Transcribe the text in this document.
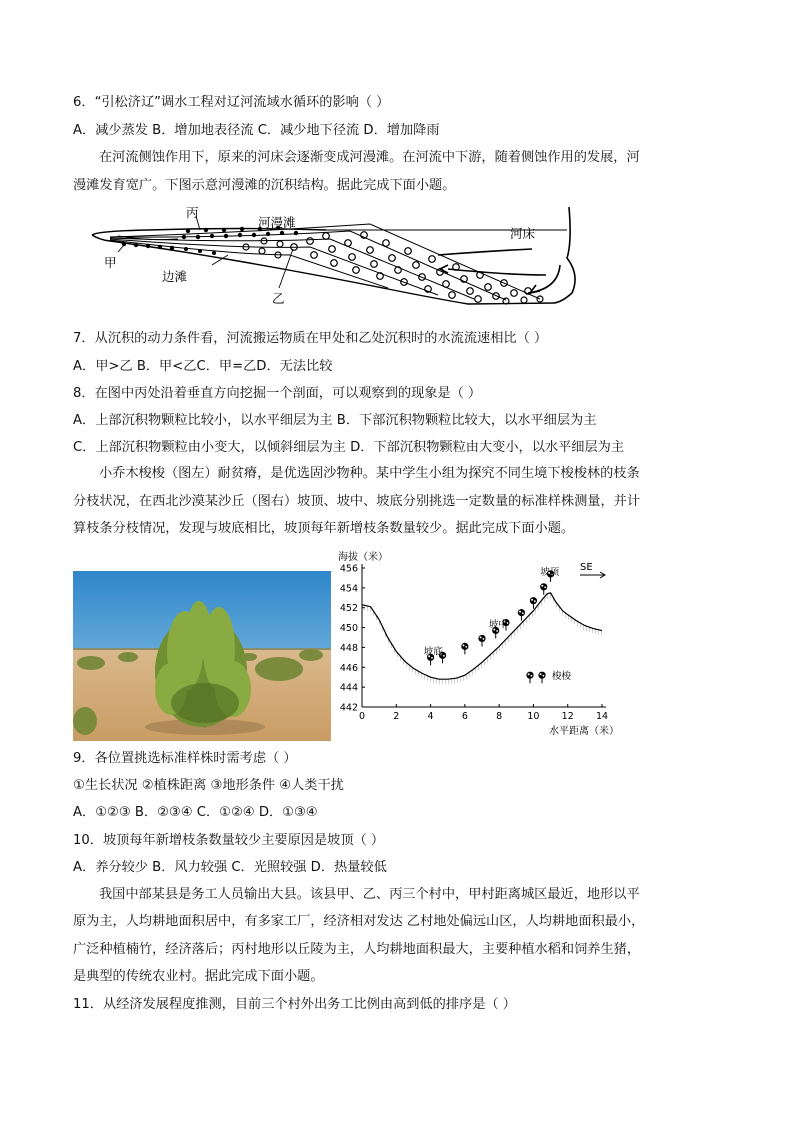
6．“引松济辽”调水工程对辽河流域水循环的影响（ ）
A．减少蒸发 B．增加地表径流 C．减少地下径流 D．增加降雨
在河流侧蚀作用下，原来的河床会逐渐变成河漫滩。在河流中下游，随着侧蚀作用的发展，河
漫滩发育宽广。下图示意河漫滩的沉积结构。据此完成下面小题。
丙
河漫滩
河床
甲
边滩
乙
7．从沉积的动力条件看，河流搬运物质在甲处和乙处沉积时的水流流速相比（ ）
A．甲>乙 B．甲<乙C．甲=乙D．无法比较
8．在图中丙处沿着垂直方向挖掘一个剖面，可以观察到的现象是（ ）
A．上部沉积物颗粒比较小，以水平细层为主 B．下部沉积物颗粒比较大，以水平细层为主
C．上部沉积物颗粒由小变大，以倾斜细层为主 D．下部沉积物颗粒由大变小，以水平细层为主
小乔木梭梭（图左）耐贫瘠，是优选固沙物种。某中学生小组为探究不同生境下梭梭林的枝条
分枝状况，在西北沙漠某沙丘（图右）坡顶、坡中、坡底分别挑选一定数量的标准样株测量，并计
算枝条分枝情况，发现与坡底相比，坡顶每年新增枝条数量较少。据此完成下面小题。
442
444
446
448
450
452
454
456
0	2	4	6	8	10 12 14
海拔（米）
水平距离（米）
SE
坡顶
坡中
坡底
梭梭
9．各位置挑选标准样株时需考虑（ ）
①生长状况 ②植株距离 ③地形条件 ④人类干扰
A．①②③ B．②③④ C．①②④ D．①③④
10．坡顶每年新增枝条数量较少主要原因是坡顶（ ）
A．养分较少 B．风力较强 C．光照较强 D．热量较低
我国中部某县是务工人员输出大县。该县甲、乙、丙三个村中，甲村距离城区最近，地形以平
原为主，人均耕地面积居中，有多家工厂，经济相对发达 乙村地处偏远山区，人均耕地面积最小，
广泛种植楠竹，经济落后；丙村地形以丘陵为主，人均耕地面积最大，主要种植水稻和饲养生猪，
是典型的传统农业村。据此完成下面小题。
11．从经济发展程度推测，目前三个村外出务工比例由高到低的排序是（ ）
